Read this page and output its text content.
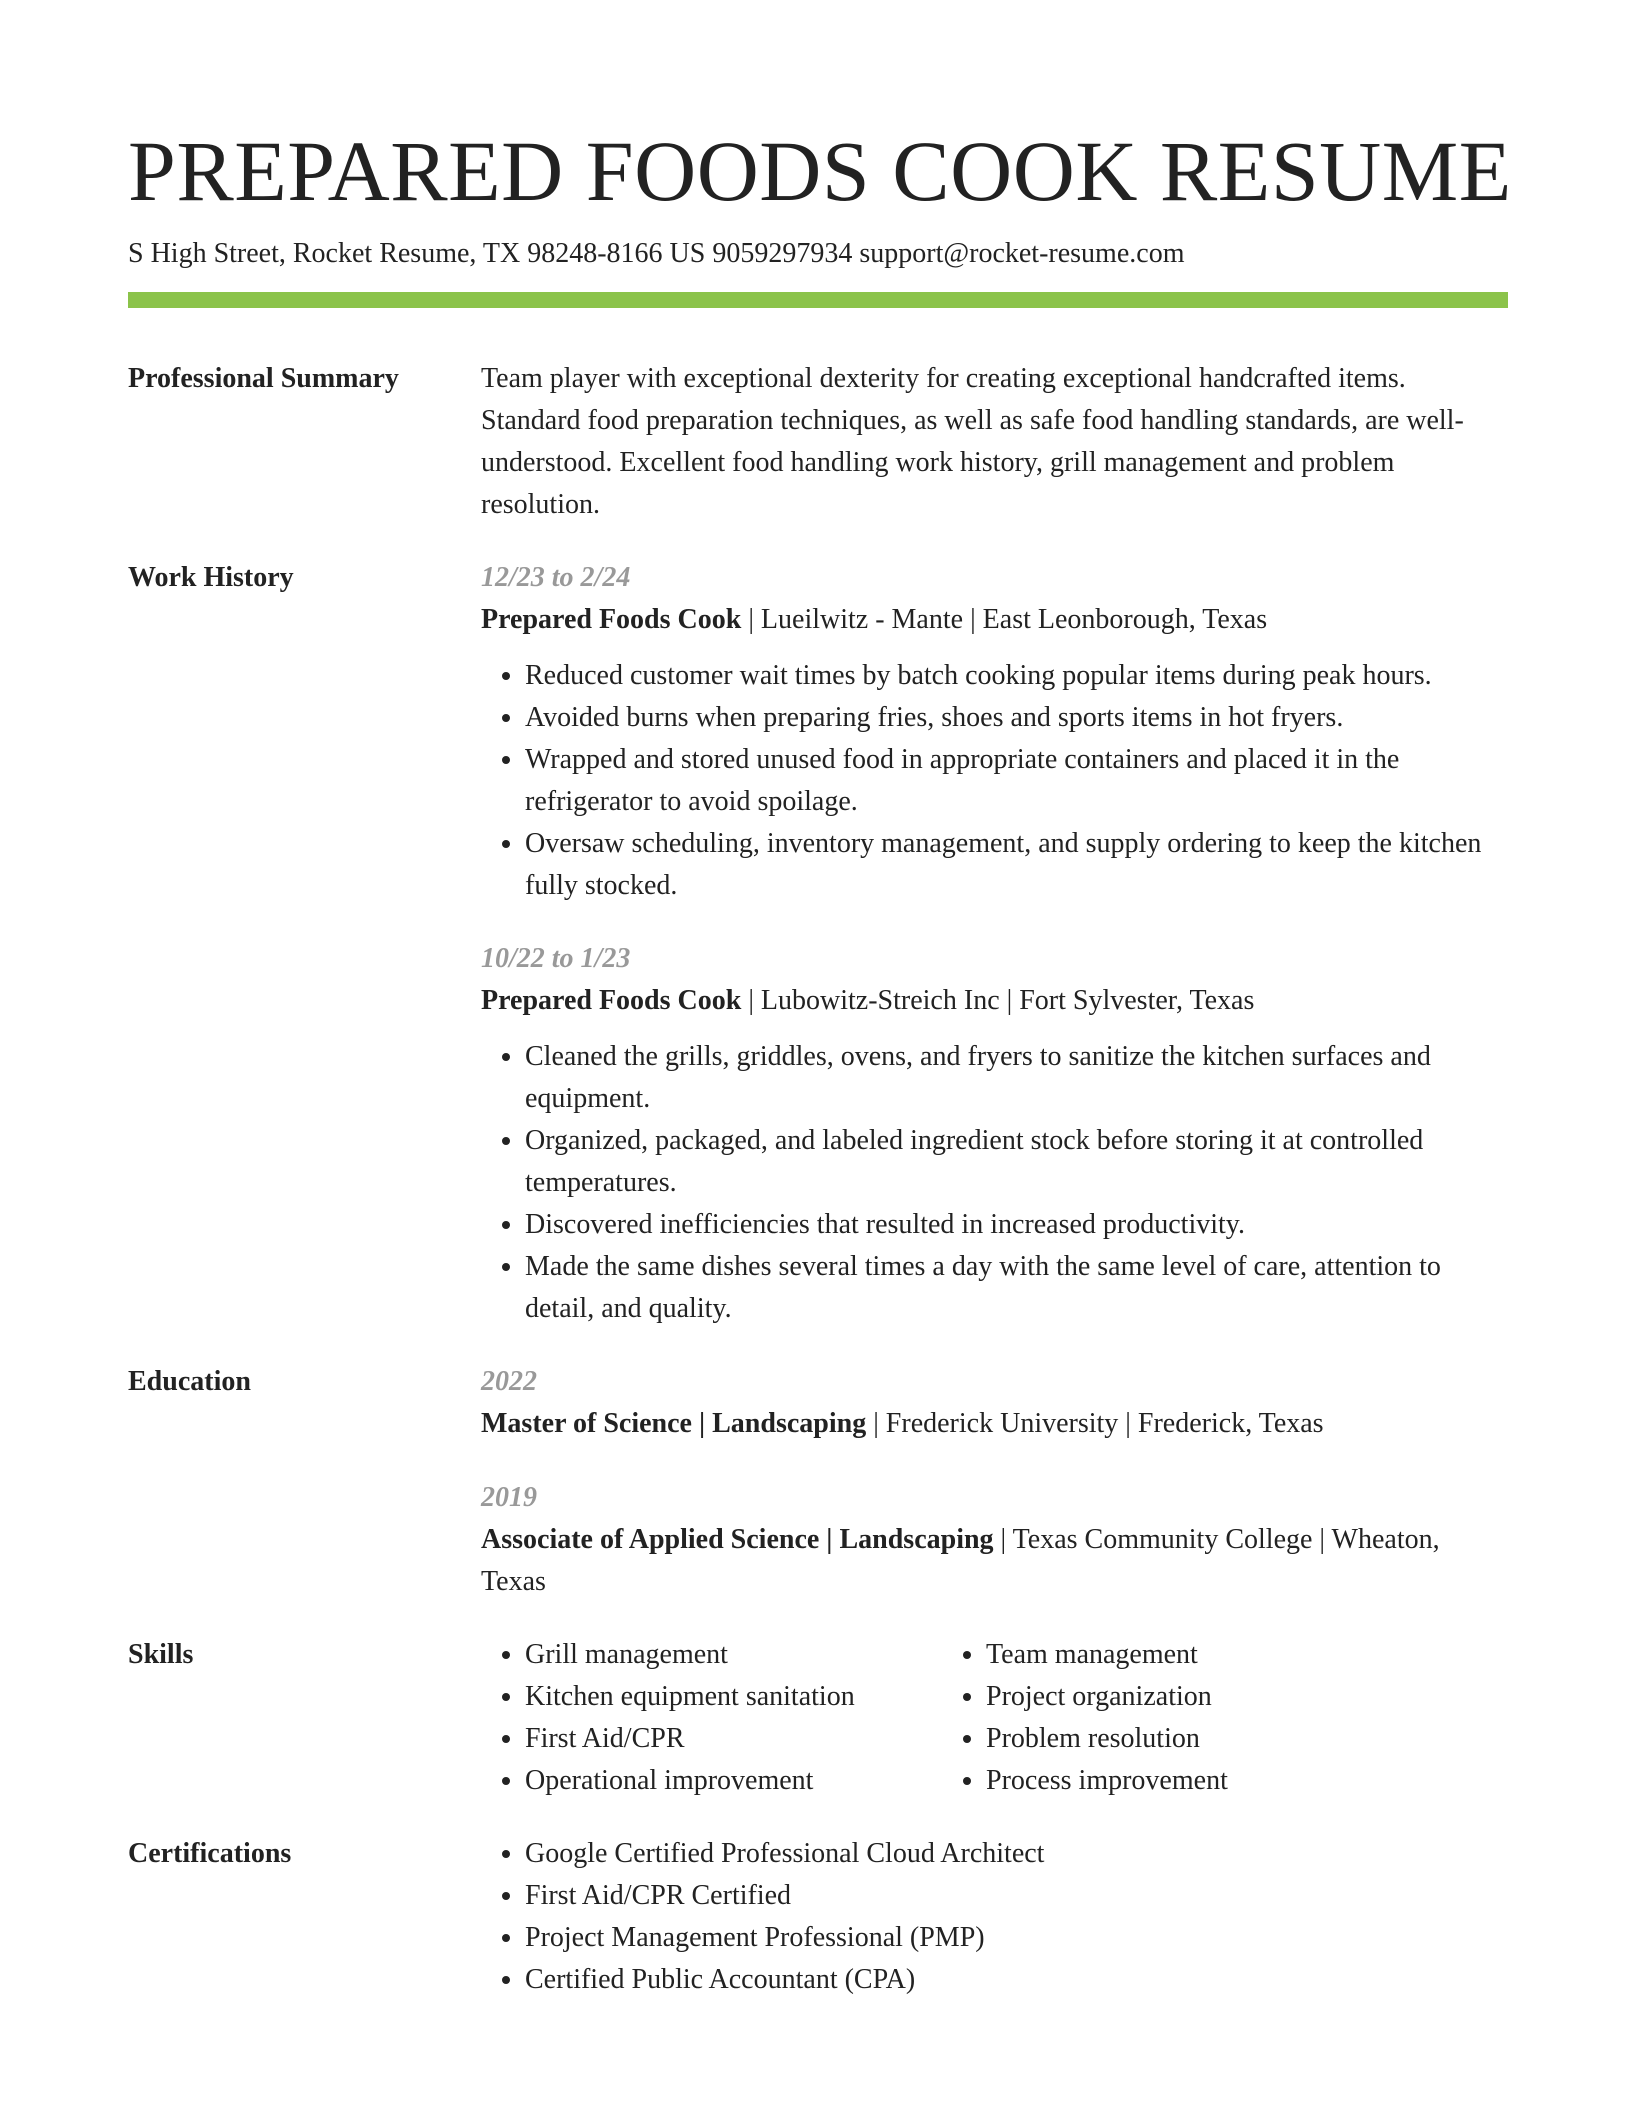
PREPARED FOODS COOK RESUME
S High Street, Rocket Resume, TX 98248-8166 US 9059297934 support@rocket-resume.com
Professional Summary	Team player with exceptional dexterity for creating exceptional handcrafted items. Standard food preparation techniques, as well as safe food handling standards, are well-understood. Excellent food handling work history, grill management and problem resolution.

Work History	12/23 to 2/24
Prepared Foods Cook | Lueilwitz - Mante | East Leonborough, Texas
• Reduced customer wait times by batch cooking popular items during peak hours.
• Avoided burns when preparing fries, shoes and sports items in hot fryers.
• Wrapped and stored unused food in appropriate containers and placed it in the refrigerator to avoid spoilage.
• Oversaw scheduling, inventory management, and supply ordering to keep the kitchen fully stocked.
10/22 to 1/23
Prepared Foods Cook | Lubowitz-Streich Inc | Fort Sylvester, Texas
• Cleaned the grills, griddles, ovens, and fryers to sanitize the kitchen surfaces and equipment.
• Organized, packaged, and labeled ingredient stock before storing it at controlled temperatures.
• Discovered inefficiencies that resulted in increased productivity.
• Made the same dishes several times a day with the same level of care, attention to detail, and quality.
Education	2022
Master of Science | Landscaping | Frederick University | Frederick, Texas
2019
Associate of Applied Science | Landscaping | Texas Community College | Wheaton, Texas
Skills	• Grill management
• Kitchen equipment sanitation
• First Aid/CPR
• Operational improvement
• Team management
• Project organization
• Problem resolution
• Process improvement
Certifications	• Google Certified Professional Cloud Architect
• First Aid/CPR Certified
• Project Management Professional (PMP)
• Certified Public Accountant (CPA)
